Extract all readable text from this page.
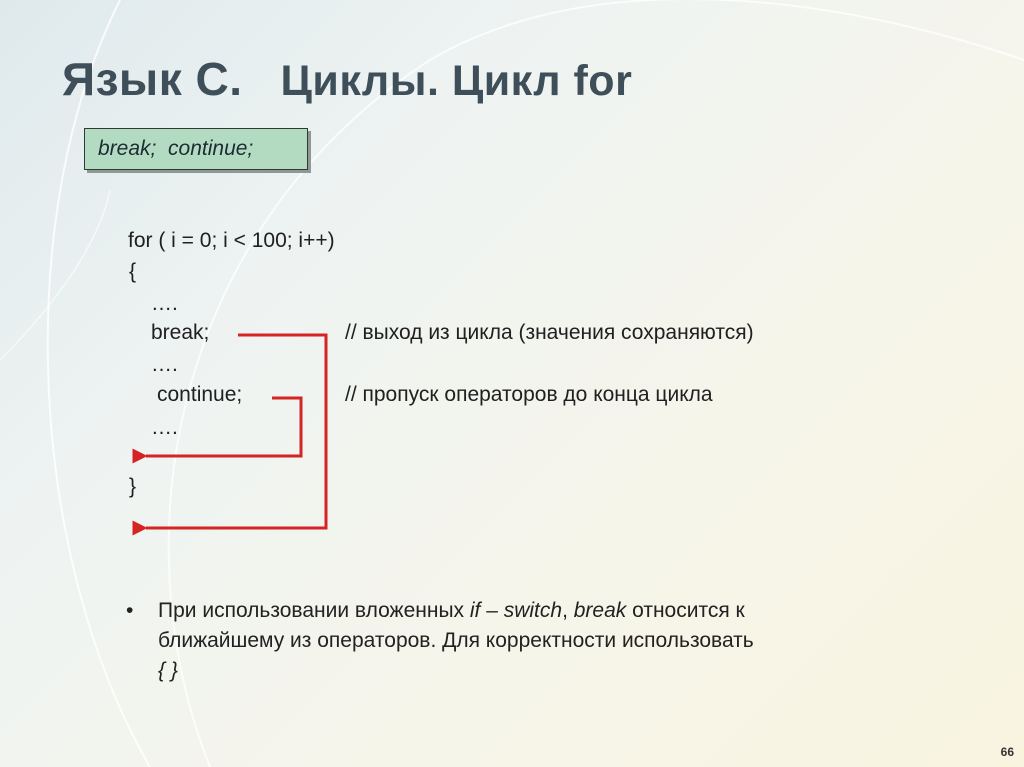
Язык С. Циклы. Цикл for
break;  continue;
for ( i = 0; i < 100; i++)
{
….
break;	// выход из цикла (значения сохраняются)
….
continue;	// пропуск операторов до конца цикла
….
}
• При использовании вложенных if – switch, break относится к ближайшему из операторов. Для корректности использовать { }
66
